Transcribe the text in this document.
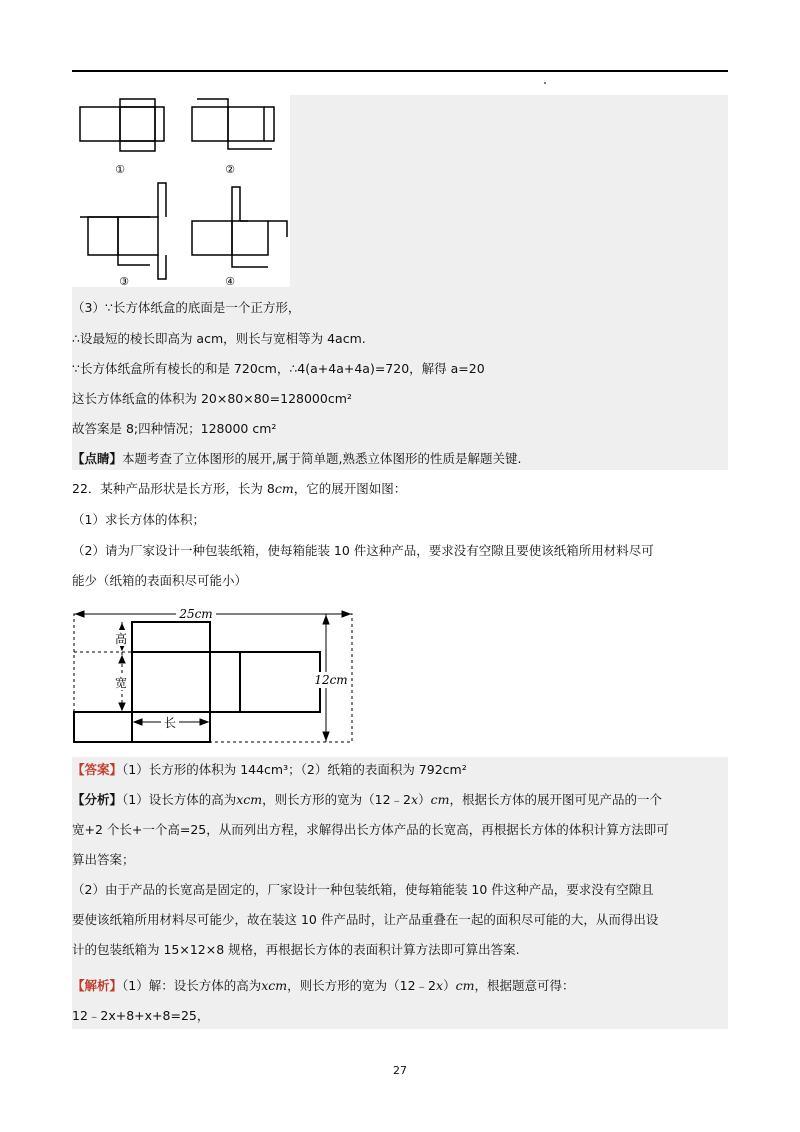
①	②
③	④
（3）∵长方体纸盒的底面是一个正方形，
∴设最短的棱长即高为 acm，则长与宽相等为 4acm.
∵长方体纸盒所有棱长的和是 720cm，∴4(a+4a+4a)=720，解得 a=20
这长方体纸盒的体积为 20×80×80=128000cm²
故答案是 8;四种情况；128000 cm²
【点睛】本题考查了立体图形的展开,属于简单题,熟悉立体图形的性质是解题关键.
22．某种产品形状是长方形，长为 8cm，它的展开图如图：
（1）求长方体的体积；
（2）请为厂家设计一种包装纸箱，使每箱能装 10 件这种产品，要求没有空隙且要使该纸箱所用材料尽可
能少（纸箱的表面积尽可能小）
25cm
12cm
高
宽
长
【答案】（1）长方形的体积为 144cm³；（2）纸箱的表面积为 792cm²
【分析】（1）设长方体的高为xcm，则长方形的宽为（12﹣2x）cm，根据长方体的展开图可见产品的一个
宽+2 个长+一个高=25，从而列出方程，求解得出长方体产品的长宽高，再根据长方体的体积计算方法即可
算出答案；
（2）由于产品的长宽高是固定的，厂家设计一种包装纸箱，使每箱能装 10 件这种产品，要求没有空隙且
要使该纸箱所用材料尽可能少，故在装这 10 件产品时，让产品重叠在一起的面积尽可能的大，从而得出设
计的包装纸箱为 15×12×8 规格，再根据长方体的表面积计算方法即可算出答案.
【解析】（1）解：设长方体的高为xcm，则长方形的宽为（12﹣2x）cm，根据题意可得：
12﹣2x+8+x+8=25，
27
